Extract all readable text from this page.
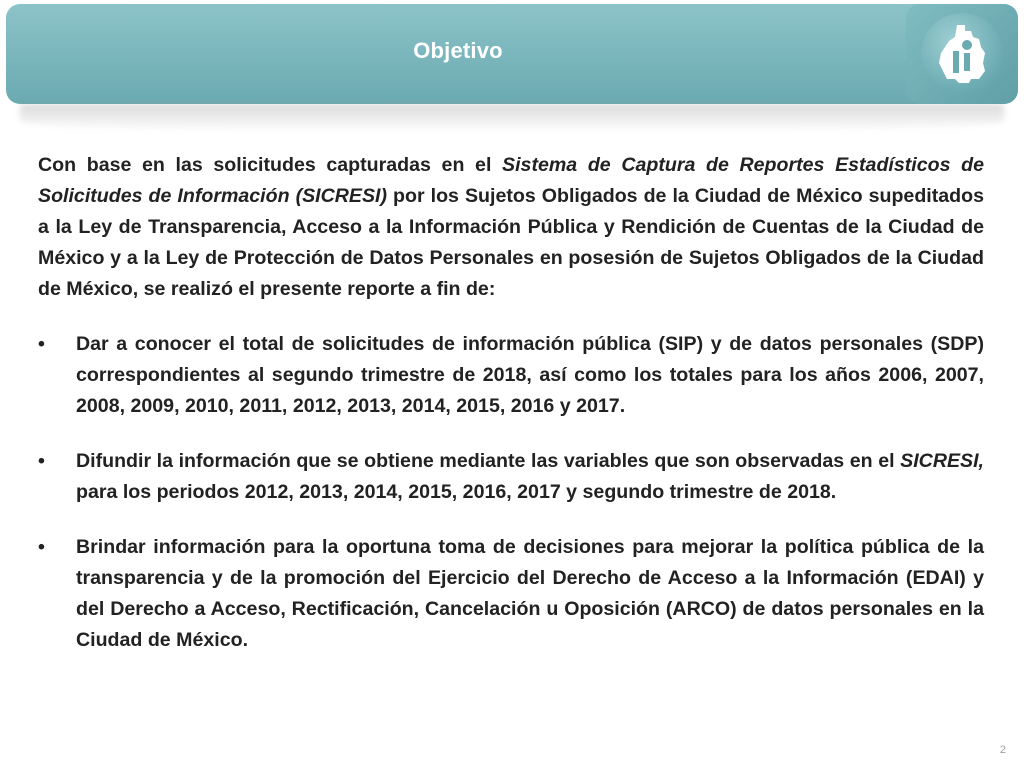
Objetivo

Con base en las solicitudes capturadas en el Sistema de Captura de Reportes Estadísticos de Solicitudes de Información (SICRESI) por los Sujetos Obligados de la Ciudad de México supeditados a la Ley de Transparencia, Acceso a la Información Pública y Rendición de Cuentas de la Ciudad de México y a la Ley de Protección de Datos Personales en posesión de Sujetos Obligados de la Ciudad de México, se realizó el presente reporte a fin de:

• Dar a conocer el total de solicitudes de información pública (SIP) y de datos personales (SDP) correspondientes al segundo trimestre de 2018, así como los totales para los años 2006, 2007, 2008, 2009, 2010, 2011, 2012, 2013, 2014, 2015, 2016 y 2017.
• Difundir la información que se obtiene mediante las variables que son observadas en el SICRESI, para los periodos 2012, 2013, 2014, 2015, 2016, 2017 y segundo trimestre de 2018.
• Brindar información para la oportuna toma de decisiones para mejorar la política pública de la transparencia y de la promoción del Ejercicio del Derecho de Acceso a la Información (EDAI) y del Derecho a Acceso, Rectificación, Cancelación u Oposición (ARCO) de datos personales en la Ciudad de México.
2
